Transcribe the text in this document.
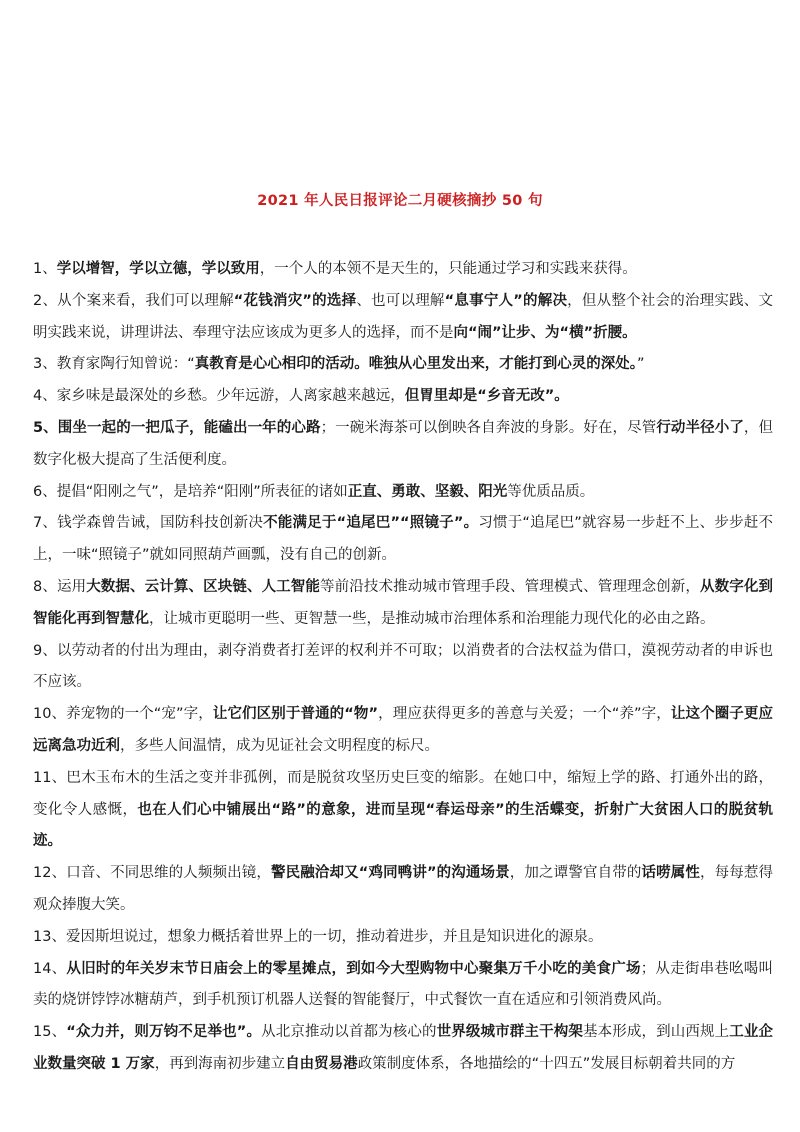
2021 年人民日报评论二月硬核摘抄 50 句
1、学以增智，学以立德，学以致用，一个人的本领不是天生的，只能通过学习和实践来获得。
2、从个案来看，我们可以理解“花钱消灾”的选择、也可以理解“息事宁人”的解决，但从整个社会的治理实践、文明实践来说，讲理讲法、奉理守法应该成为更多人的选择，而不是向“闹”让步、为“横”折腰。
3、教育家陶行知曾说：“真教育是心心相印的活动。唯独从心里发出来，才能打到心灵的深处。”
4、家乡味是最深处的乡愁。少年远游，人离家越来越远，但胃里却是“乡音无改”。
5、围坐一起的一把瓜子，能磕出一年的心路；一碗米海茶可以倒映各自奔波的身影。好在，尽管行动半径小了，但数字化极大提高了生活便利度。
6、提倡“阳刚之气”，是培养“阳刚”所表征的诸如正直、勇敢、坚毅、阳光等优质品质。
7、钱学森曾告诫，国防科技创新决不能满足于“追尾巴”“照镜子”。习惯于“追尾巴”就容易一步赶不上、步步赶不上，一味“照镜子”就如同照葫芦画瓢，没有自己的创新。
8、运用大数据、云计算、区块链、人工智能等前沿技术推动城市管理手段、管理模式、管理理念创新，从数字化到智能化再到智慧化，让城市更聪明一些、更智慧一些，是推动城市治理体系和治理能力现代化的必由之路。
9、以劳动者的付出为理由，剥夺消费者打差评的权利并不可取；以消费者的合法权益为借口，漠视劳动者的申诉也不应该。
10、养宠物的一个“宠”字，让它们区别于普通的“物”，理应获得更多的善意与关爱；一个“养”字，让这个圈子更应远离急功近利，多些人间温情，成为见证社会文明程度的标尺。
11、巴木玉布木的生活之变并非孤例，而是脱贫攻坚历史巨变的缩影。在她口中，缩短上学的路、打通外出的路，变化令人感慨，也在人们心中铺展出“路”的意象，进而呈现“春运母亲”的生活蝶变，折射广大贫困人口的脱贫轨迹。
12、口音、不同思维的人频频出镜，警民融洽却又“鸡同鸭讲”的沟通场景，加之谭警官自带的话唠属性，每每惹得观众捧腹大笑。
13、爱因斯坦说过，想象力概括着世界上的一切，推动着进步，并且是知识进化的源泉。
14、从旧时的年关岁末节日庙会上的零星摊点，到如今大型购物中心聚集万千小吃的美食广场；从走街串巷吆喝叫卖的烧饼饽饽冰糖葫芦，到手机预订机器人送餐的智能餐厅，中式餐饮一直在适应和引领消费风尚。
15、“众力并，则万钧不足举也”。从北京推动以首都为核心的世界级城市群主干构架基本形成，到山西规上工业企业数量突破 1 万家，再到海南初步建立自由贸易港政策制度体系，各地描绘的“十四五”发展目标朝着共同的方
